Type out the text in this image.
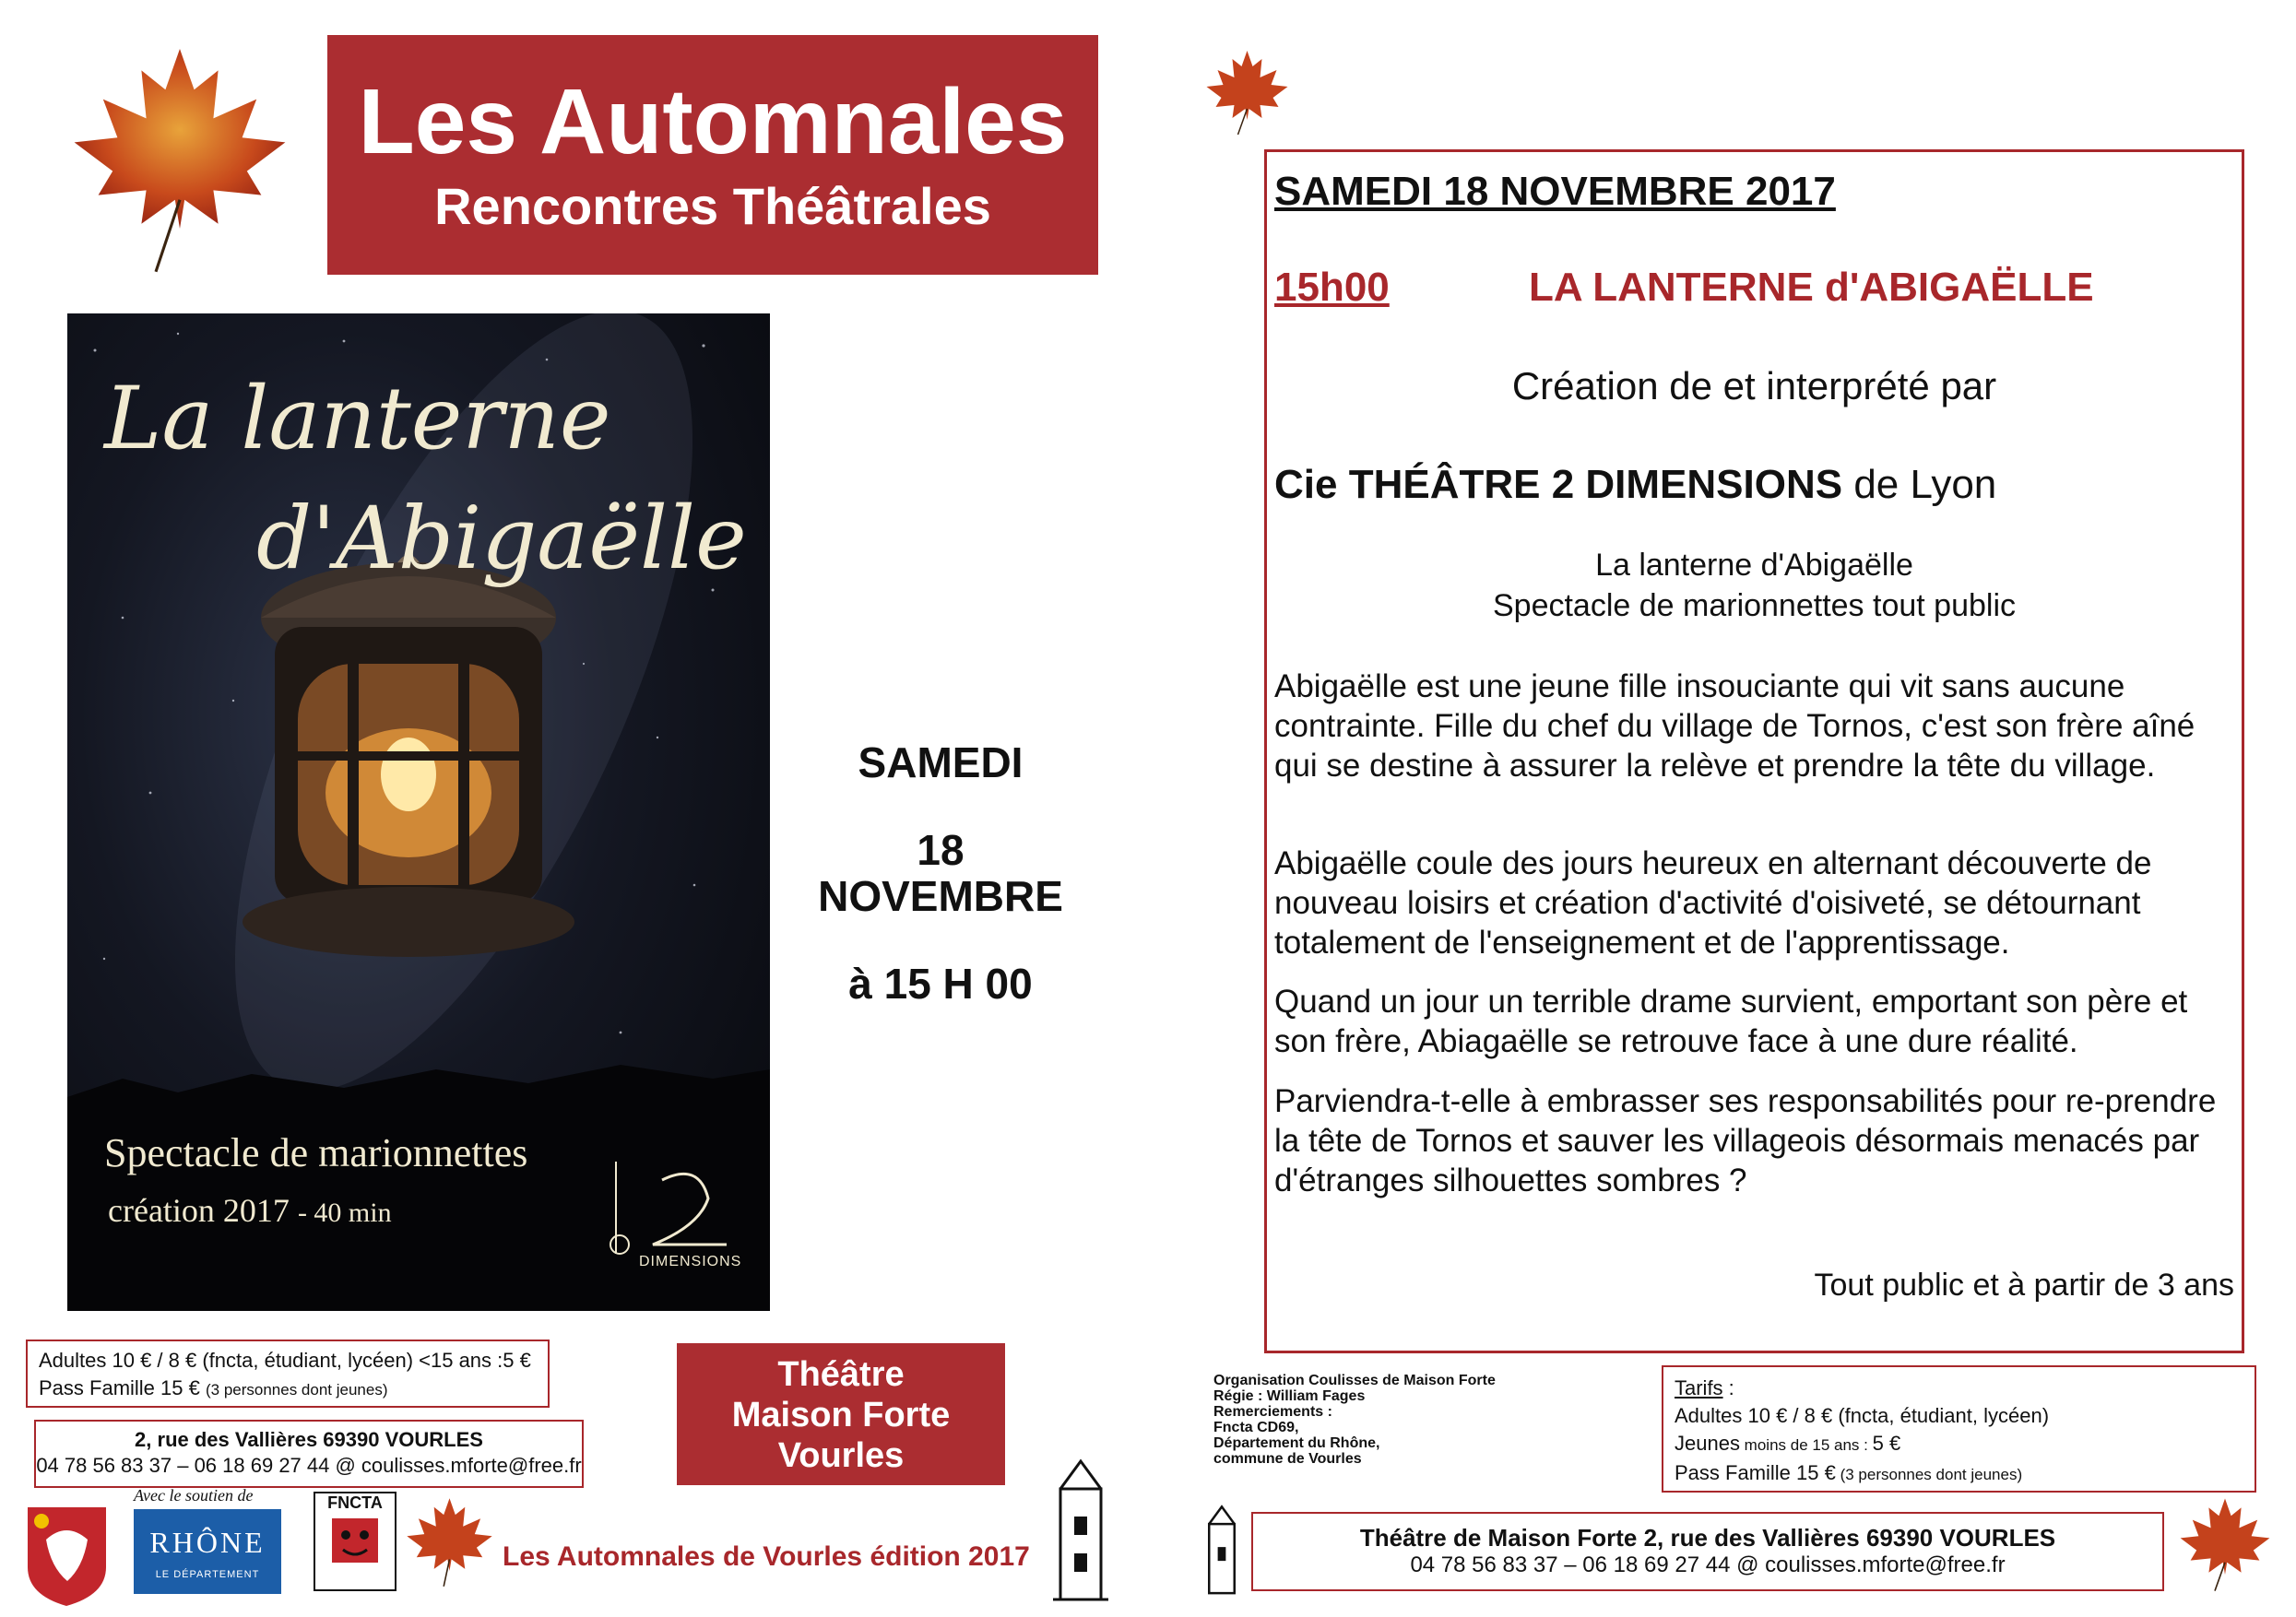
Les Automnales
Rencontres Théâtrales
La lanterne
d'Abigaëlle
Spectacle de marionnettes
création 2017 - 40 min
DIMENSIONS
SAMEDI
18
NOVEMBRE
à 15 H 00
Adultes 10 € / 8 € (fncta, étudiant, lycéen) <15 ans :5 €
Pass Famille 15 € (3 personnes dont jeunes)
2, rue des Vallières 69390 VOURLES
04 78 56 83 37 – 06 18 69 27 44 @ coulisses.mforte@free.fr
Théâtre
Maison Forte
Vourles
Avec le soutien de
RHÔNE
LE DÉPARTEMENT
FNCTA
Les Automnales de Vourles édition 2017
SAMEDI 18 NOVEMBRE 2017
15h00	LA LANTERNE d'ABIGAËLLE
Création de et interprété par
Cie THÉÂTRE 2 DIMENSIONS de Lyon
La lanterne d'Abigaëlle
Spectacle de marionnettes tout public
Abigaëlle est une jeune fille insouciante qui vit sans aucune contrainte. Fille du chef du village de Tornos, c'est son frère aîné qui se destine à assurer la relève et prendre la tête du village.
Abigaëlle coule des jours heureux en alternant découverte de nouveau loisirs et création d'activité d'oisiveté, se détournant totalement de l'enseignement et de l'apprentissage.
Quand un jour un terrible drame survient, emportant son père et son frère, Abiagaëlle se retrouve face à une dure réalité.
Parviendra-t-elle à embrasser ses responsabilités pour re-prendre la tête de Tornos et sauver les villageois désormais menacés par d'étranges silhouettes sombres ?
Tout public et à partir de 3 ans
Organisation Coulisses de Maison Forte
Régie : William Fages
Remerciements :
Fncta CD69,
Département du Rhône,
commune de Vourles
Tarifs :
Adultes 10 € / 8 € (fncta, étudiant, lycéen)
Jeunes moins de 15 ans : 5 €
Pass Famille 15 € (3 personnes dont jeunes)
Théâtre de Maison Forte 2, rue des Vallières 69390 VOURLES
04 78 56 83 37 – 06 18 69 27 44 @ coulisses.mforte@free.fr
